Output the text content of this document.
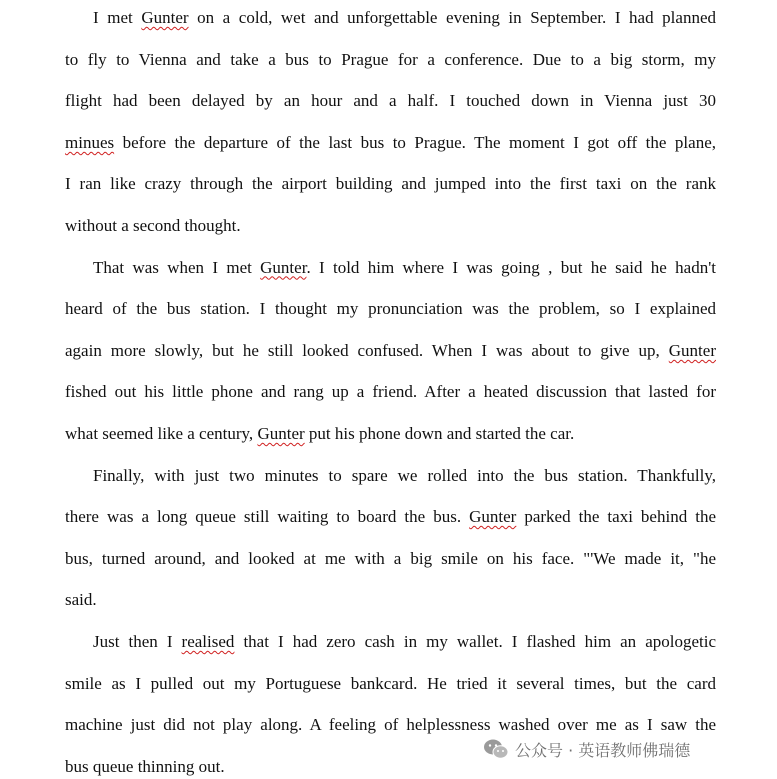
I met Gunter on a cold, wet and unforgettable evening in September. I had planned
to fly to Vienna and take a bus to Prague for a conference. Due to a big storm, my
flight had been delayed by an hour and a half. I touched down in Vienna just 30
minues before the departure of the last bus to Prague. The moment I got off the plane,
I ran like crazy through the airport building and jumped into the first taxi on the rank
without a second thought.
That was when I met Gunter. I told him where I was going , but he said he hadn't
heard of the bus station. I thought my pronunciation was the problem, so I explained
again more slowly, but he still looked confused. When I was about to give up, Gunter
fished out his little phone and rang up a friend. After a heated discussion that lasted for
what seemed like a century, Gunter put his phone down and started the car.
Finally, with just two minutes to spare we rolled into the bus station. Thankfully,
there was a long queue still waiting to board the bus. Gunter parked the taxi behind the
bus, turned around, and looked at me with a big smile on his face. "'We made it, "he
said.
Just then I realised that I had zero cash in my wallet. I flashed him an apologetic
smile as I pulled out my Portuguese bankcard. He tried it several times, but the card
machine just did not play along. A feeling of helplessness washed over me as I saw the
bus queue thinning out.
公众号 · 英语教师佛瑞德
